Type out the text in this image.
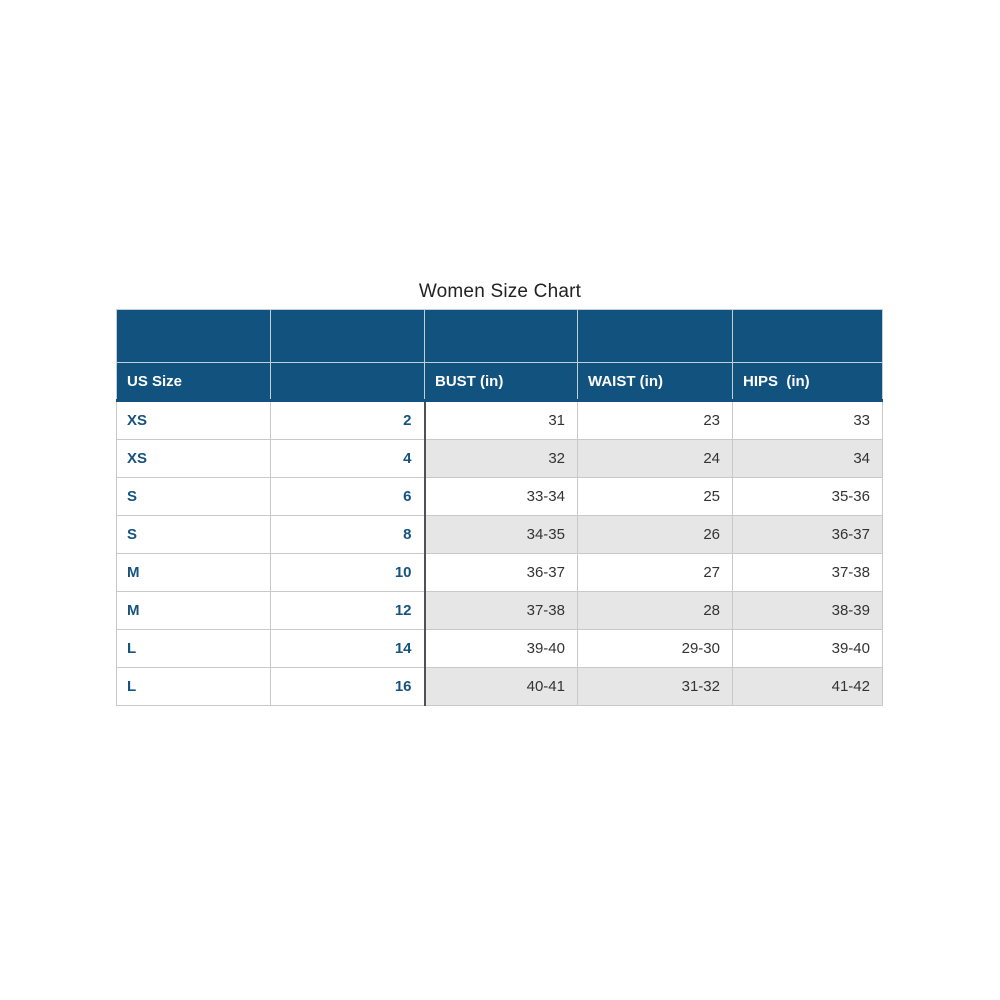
Women Size Chart

US Size		BUST (in)	WAIST (in)	HIPS  (in)
XS	2	31	23	33
XS	4	32	24	34
S	6	33-34	25	35-36
S	8	34-35	26	36-37
M	10	36-37	27	37-38
M	12	37-38	28	38-39
L	14	39-40	29-30	39-40
L	16	40-41	31-32	41-42
